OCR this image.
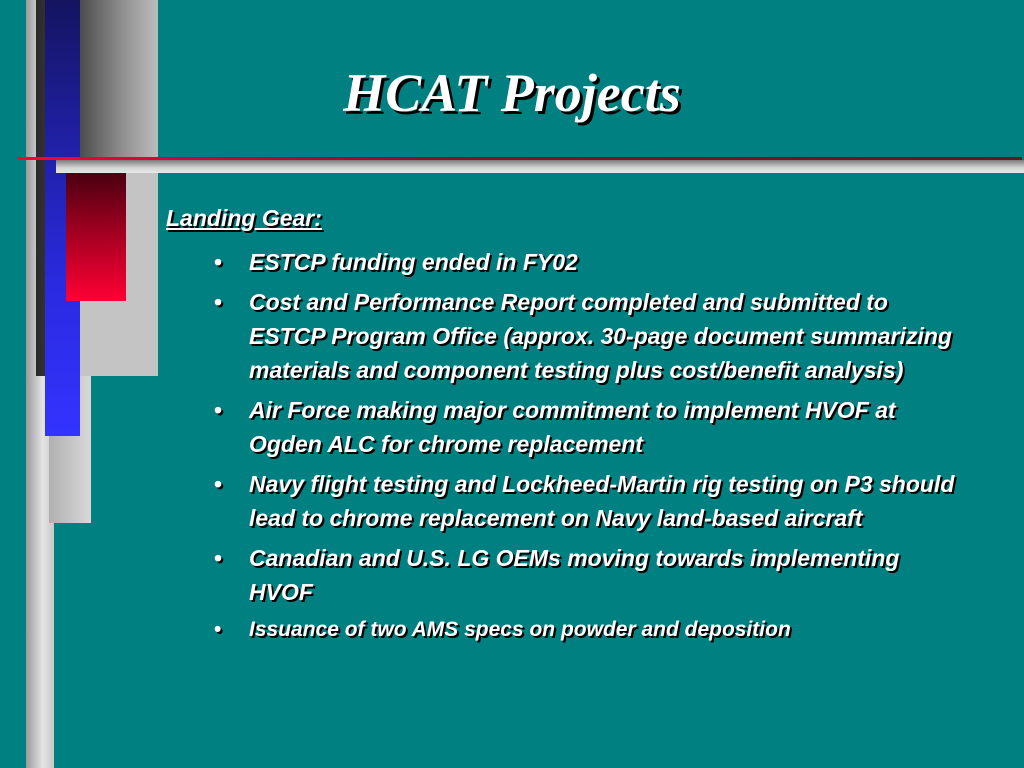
HCAT Projects

Landing Gear:

• ESTCP funding ended in FY02
• Cost and Performance Report completed and submitted to ESTCP Program Office (approx. 30-page document summarizing materials and component testing plus cost/benefit analysis)
• Air Force making major commitment to implement HVOF at Ogden ALC for chrome replacement
• Navy flight testing and Lockheed-Martin rig testing on P3 should lead to chrome replacement on Navy land-based aircraft
• Canadian and U.S. LG OEMs moving towards implementing HVOF
• Issuance of two AMS specs on powder and deposition
